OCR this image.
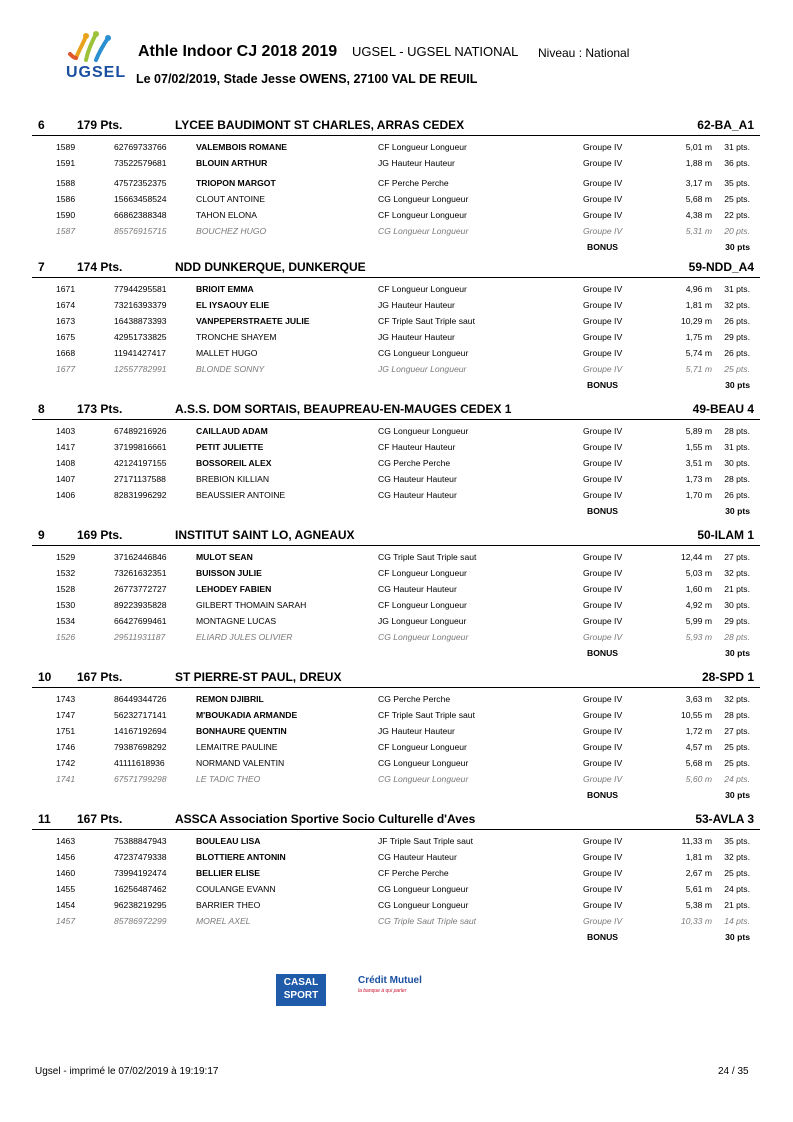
UGSEL
Athle Indoor CJ 2018 2019 UGSEL - UGSEL NATIONAL Niveau : National
Le 07/02/2019, Stade Jesse OWENS, 27100 VAL DE REUIL
6	179 Pts.	LYCEE BAUDIMONT ST CHARLES, ARRAS CEDEX	62-BA_A1
1589	62769733766	VALEMBOIS ROMANE	CF Longueur Longueur	Groupe IV	5,01 m 31 pts.
1591	73522579681	BLOUIN ARTHUR	JG Hauteur Hauteur	Groupe IV	1,88 m 36 pts.
1588	47572352375	TRIOPON MARGOT	CF Perche Perche	Groupe IV	3,17 m 35 pts.
1586	15663458524	CLOUT ANTOINE	CG Longueur Longueur	Groupe IV	5,68 m 25 pts.
1590	66862388348	TAHON ELONA	CF Longueur Longueur	Groupe IV	4,38 m 22 pts.
1587	85576915715	BOUCHEZ HUGO	CG Longueur Longueur	Groupe IV	5,31 m 20 pts.
BONUS	30 pts
7	174 Pts.	NDD DUNKERQUE, DUNKERQUE	59-NDD_A4
1671	77944295581	BRIOIT EMMA	CF Longueur Longueur	Groupe IV	4,96 m 31 pts.
1674	73216393379	EL IYSAOUY ELIE	JG Hauteur Hauteur	Groupe IV	1,81 m 32 pts.
1673	16438873393	VANPEPERSTRAETE JULIE	CF Triple Saut Triple saut	Groupe IV	10,29 m 26 pts.
1675	42951733825	TRONCHE SHAYEM	JG Hauteur Hauteur	Groupe IV	1,75 m 29 pts.
1668	11941427417	MALLET HUGO	CG Longueur Longueur	Groupe IV	5,74 m 26 pts.
1677	12557782991	BLONDE SONNY	JG Longueur Longueur	Groupe IV	5,71 m 25 pts.
BONUS	30 pts
8	173 Pts.	A.S.S. DOM SORTAIS, BEAUPREAU-EN-MAUGES CEDEX 1	49-BEAU 4
1403	67489216926	CAILLAUD ADAM	CG Longueur Longueur	Groupe IV	5,89 m 28 pts.
1417	37199816661	PETIT JULIETTE	CF Hauteur Hauteur	Groupe IV	1,55 m 31 pts.
1408	42124197155	BOSSOREIL ALEX	CG Perche Perche	Groupe IV	3,51 m 30 pts.
1407	27171137588	BREBION KILLIAN	CG Hauteur Hauteur	Groupe IV	1,73 m 28 pts.
1406	82831996292	BEAUSSIER ANTOINE	CG Hauteur Hauteur	Groupe IV	1,70 m 26 pts.
BONUS	30 pts
9	169 Pts.	INSTITUT SAINT LO, AGNEAUX	50-ILAM 1
1529	37162446846	MULOT SEAN	CG Triple Saut Triple saut	Groupe IV	12,44 m 27 pts.
1532	73261632351	BUISSON JULIE	CF Longueur Longueur	Groupe IV	5,03 m 32 pts.
1528	26773772727	LEHODEY FABIEN	CG Hauteur Hauteur	Groupe IV	1,60 m 21 pts.
1530	89223935828	GILBERT THOMAIN SARAH	CF Longueur Longueur	Groupe IV	4,92 m 30 pts.
1534	66427699461	MONTAGNE LUCAS	JG Longueur Longueur	Groupe IV	5,99 m 29 pts.
1526	29511931187	ELIARD JULES OLIVIER	CG Longueur Longueur	Groupe IV	5,93 m 28 pts.
BONUS	30 pts
10 167 Pts.	ST PIERRE-ST PAUL, DREUX	28-SPD 1
1743	86449344726	REMON DJIBRIL	CG Perche Perche	Groupe IV	3,63 m 32 pts.
1747	56232717141	M'BOUKADIA ARMANDE	CF Triple Saut Triple saut	Groupe IV	10,55 m 28 pts.
1751	14167192694	BONHAURE QUENTIN	JG Hauteur Hauteur	Groupe IV	1,72 m 27 pts.
1746	79387698292	LEMAITRE PAULINE	CF Longueur Longueur	Groupe IV	4,57 m 25 pts.
1742	41111618936	NORMAND VALENTIN	CG Longueur Longueur	Groupe IV	5,68 m 25 pts.
1741	67571799298	LE TADIC THEO	CG Longueur Longueur	Groupe IV	5,60 m 24 pts.
BONUS	30 pts
11 167 Pts.	ASSCA Association Sportive Socio Culturelle d'Aves	53-AVLA 3
1463	75388847943	BOULEAU LISA	JF Triple Saut Triple saut	Groupe IV	11,33 m 35 pts.
1456	47237479338	BLOTTIERE ANTONIN	CG Hauteur Hauteur	Groupe IV	1,81 m 32 pts.
1460	73994192474	BELLIER ELISE	CF Perche Perche	Groupe IV	2,67 m 25 pts.
1455	16256487462	COULANGE EVANN	CG Longueur Longueur	Groupe IV	5,61 m 24 pts.
1454	96238219295	BARRIER THEO	CG Longueur Longueur	Groupe IV	5,38 m 21 pts.
1457	85786972299	MOREL AXEL	CG Triple Saut Triple saut	Groupe IV	10,33 m 14 pts.
BONUS	30 pts
CASAL
SPORT
Crédit Mutuel
la banque à qui parler
Ugsel - imprimé le 07/02/2019 à 19:19:17	24 / 35
